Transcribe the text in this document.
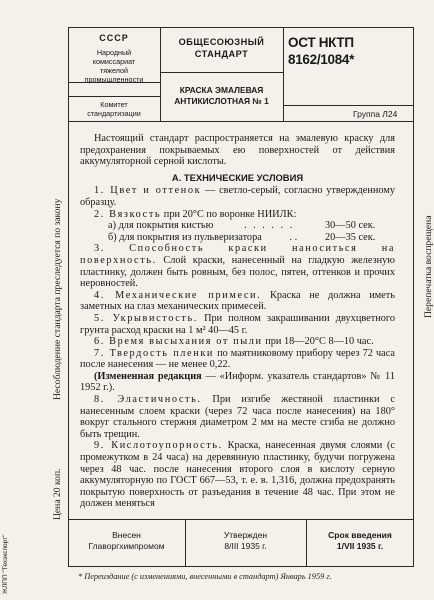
СССР
Народный
комиссариат
тяжелой
промышленности
Комитет
стандартизации
ОБЩЕСОЮЗНЫЙ
СТАНДАРТ
КРАСКА ЭМАЛЕВАЯ
АНТИКИСЛОТНАЯ № 1
ОСТ НКТП
8162/1084*
Группа Л24

Настоящий стандарт распространяется на эмалевую краску для предохранения покрываемых ею поверхностей от действия аккумуляторной серной кислоты.

А. ТЕХНИЧЕСКИЕ УСЛОВИЯ

1. Цвет и оттенок — светло-серый, согласно утвержденному образцу.

2. Вязкость при 20°C по воронке НИИЛК:

а) для покрытия кистью	. . . . . .	30—50 сек.

б) для покрытия из пульверизатора	. .	20—35 сек.

3. Способность краски наноситься на поверхность. Слой краски, нанесенный на гладкую железную пластинку, должен быть ровным, без полос, пятен, оттенков и прочих неровностей.

4. Механические примеси. Краска не должна иметь заметных на глаз механических примесей.

5. Укрывистость. При полном закрашивании двухцветного грунта расход краски на 1 м² 40—45 г.

6. Время высыхания от пыли при 18—20°C 8—10 час.

7. Твердость пленки по маятниковому прибору через 72 часа после нанесения — не менее 0,22.

(Измененная редакция — «Информ. указатель стандартов» № 11 1952 г.).

8. Эластичность. При изгибе жестяной пластинки с нанесенным слоем краски (через 72 часа после нанесения) на 180° вокруг стального стержня диаметром 2 мм на месте сгиба не должно быть трещин.

9. Кислотоупорность. Краска, нанесенная двумя слоями (с промежутком в 24 часа) на деревянную пластинку, будучи погружена через 48 час. после нанесения второго слоя в кислоту серную аккумуляторную по ГОСТ 667—53, т. е. в. 1,316, должна предохранять покрытую поверхность от разъедания в течение 48 час. При этом не должен меняться

Внесен
Главоргхимпромом
Утвержден
8/III 1935 г.
Срок введения
1/VII 1935 г.
* Переиздание (с изменениями, внесенными в стандарт) Январь 1959 г.
Несоблюдение стандарта преследуется по закону	Перепечатка воспрещена
Цена 20 коп.
ЖЛПП "Техэкспорт"
